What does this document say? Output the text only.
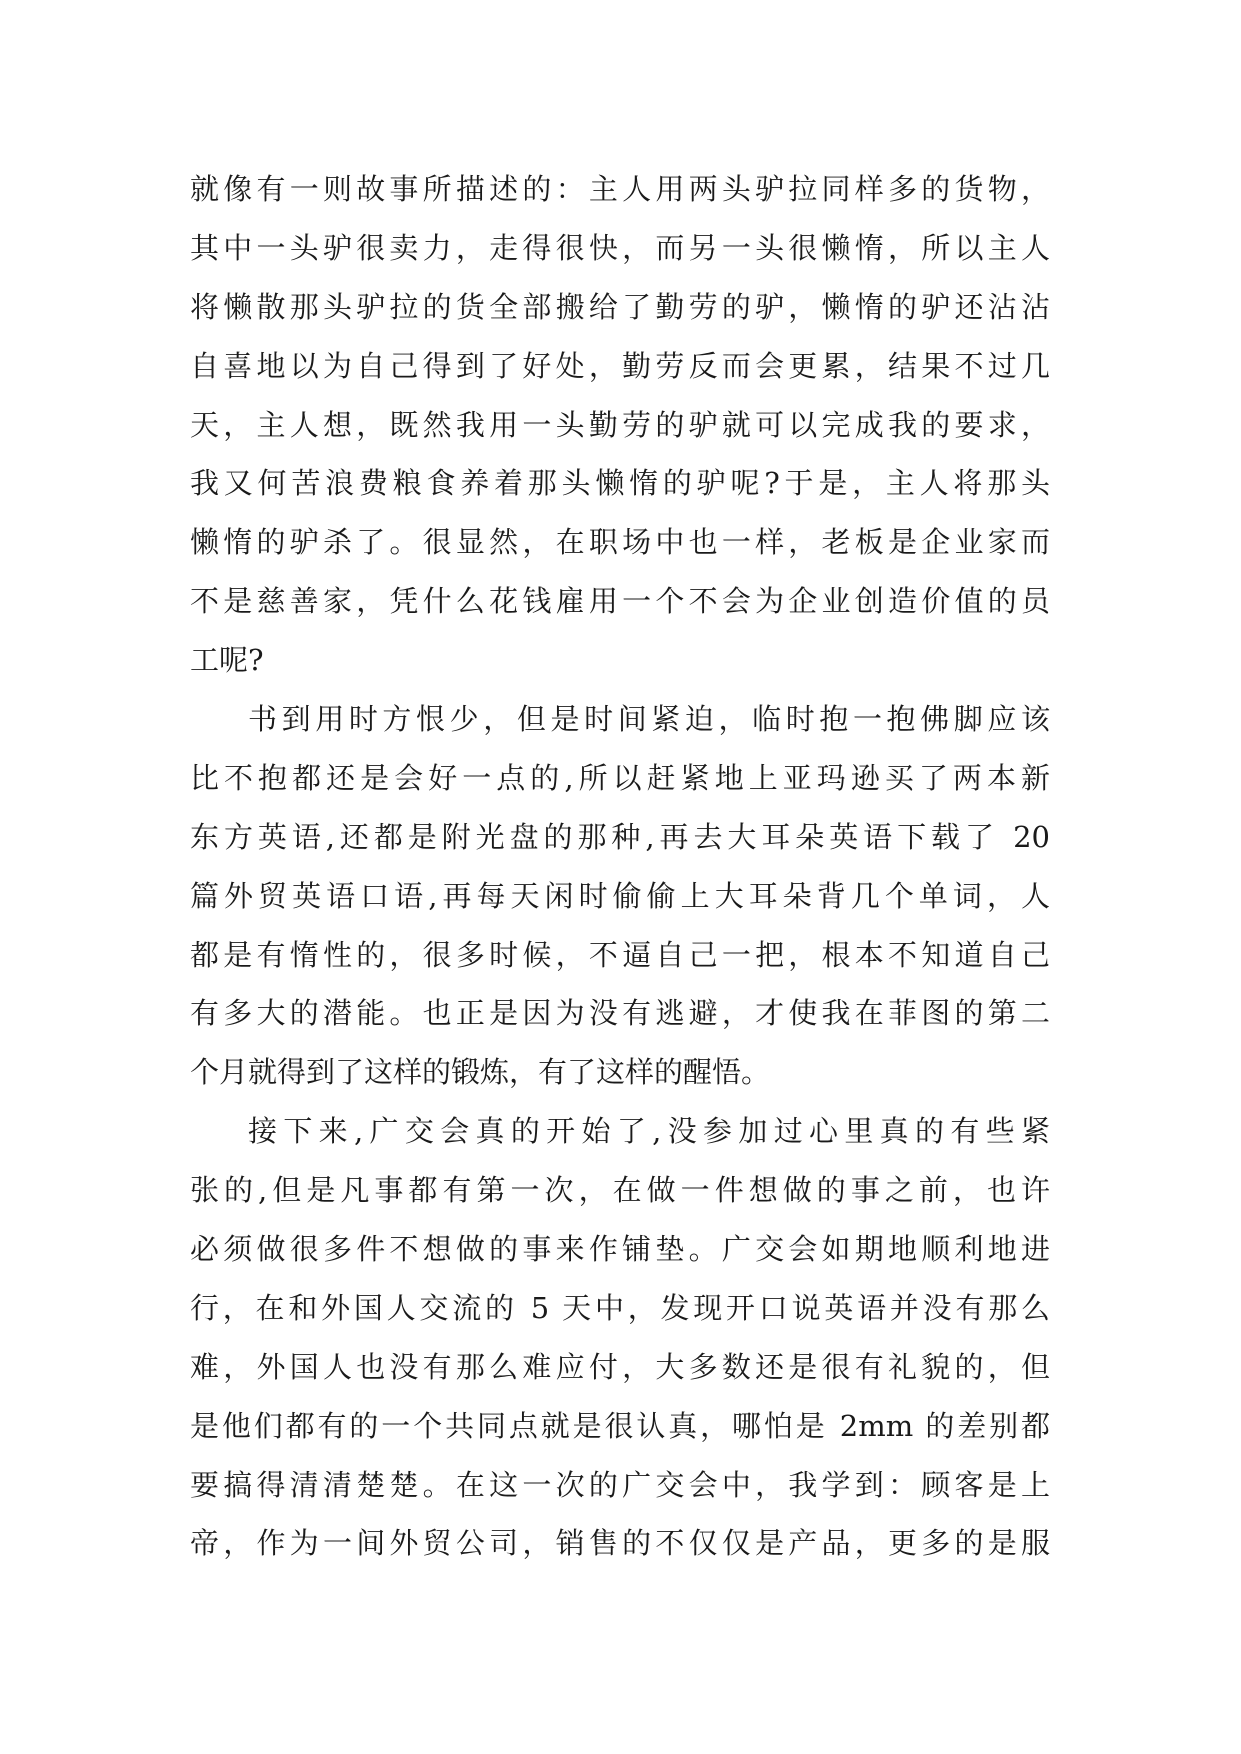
就像有一则故事所描述的：主人用两头驴拉同样多的货物，
其中一头驴很卖力，走得很快，而另一头很懒惰，所以主人
将懒散那头驴拉的货全部搬给了勤劳的驴，懒惰的驴还沾沾
自喜地以为自己得到了好处，勤劳反而会更累，结果不过几
天，主人想，既然我用一头勤劳的驴就可以完成我的要求，
我又何苦浪费粮食养着那头懒惰的驴呢?于是，主人将那头
懒惰的驴杀了。很显然，在职场中也一样，老板是企业家而
不是慈善家，凭什么花钱雇用一个不会为企业创造价值的员
工呢?
书到用时方恨少，但是时间紧迫，临时抱一抱佛脚应该
比不抱都还是会好一点的,所以赶紧地上亚玛逊买了两本新
东方英语,还都是附光盘的那种,再去大耳朵英语下载了 20
篇外贸英语口语,再每天闲时偷偷上大耳朵背几个单词，人
都是有惰性的，很多时候，不逼自己一把，根本不知道自己
有多大的潜能。也正是因为没有逃避，才使我在菲图的第二
个月就得到了这样的锻炼，有了这样的醒悟。
接下来,广交会真的开始了,没参加过心里真的有些紧
张的,但是凡事都有第一次，在做一件想做的事之前，也许
必须做很多件不想做的事来作铺垫。广交会如期地顺利地进
行，在和外国人交流的 5 天中，发现开口说英语并没有那么
难，外国人也没有那么难应付，大多数还是很有礼貌的，但
是他们都有的一个共同点就是很认真，哪怕是 2mm 的差别都
要搞得清清楚楚。在这一次的广交会中，我学到：顾客是上
帝，作为一间外贸公司，销售的不仅仅是产品，更多的是服
